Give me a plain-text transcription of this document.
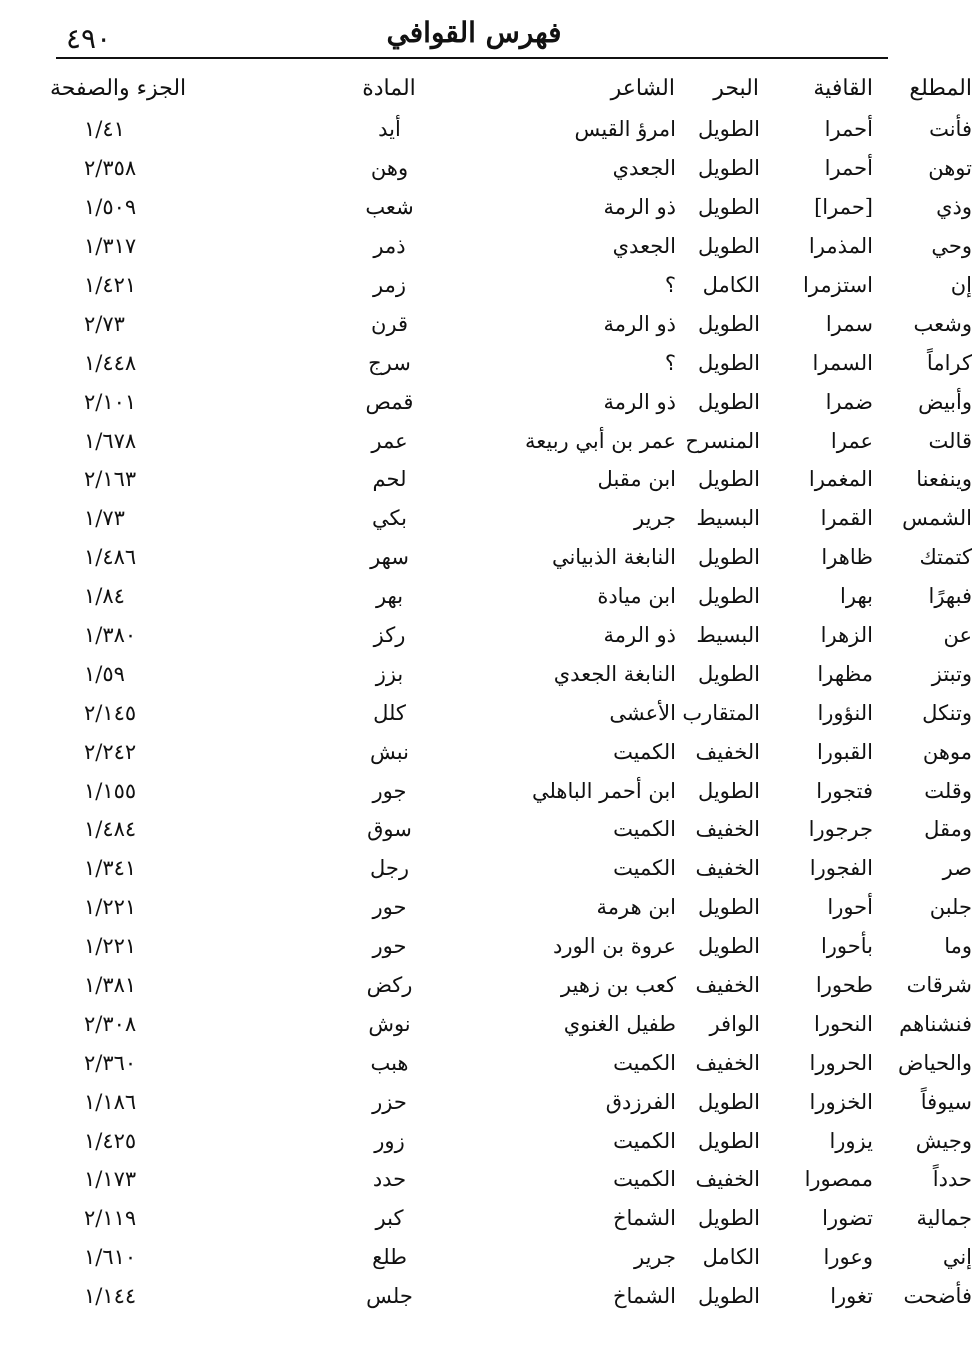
فهرس القوافي
٤٩٠
المطلع	القافية	البحر	الشاعر	المادة	الجزء والصفحة
فأنت	أحمرا	الطويل	امرؤ القيس	أيد	١/٤١
توهن	أحمرا	الطويل	الجعدي	وهن	٢/٣٥٨
وذي	[حمرا]	الطويل	ذو الرمة	شعب	١/٥٠٩
وحي	المذمرا	الطويل	الجعدي	ذمر	١/٣١٧
إن	استزمرا	الكامل	؟	زمر	١/٤٢١
وشعب	سمرا	الطويل	ذو الرمة	قرن	٢/٧٣
كراماً	السمرا	الطويل	؟	سرج	١/٤٤٨
وأبيض	ضمرا	الطويل	ذو الرمة	قمص	٢/١٠١
قالت	عمرا	المنسرح	عمر بن أبي ربيعة	عمر	١/٦٧٨
وينفعنا	المغمرا	الطويل	ابن مقبل	لحم	٢/١٦٣
الشمس	القمرا	البسيط	جرير	بكي	١/٧٣
كتمتك	ظاهرا	الطويل	النابغة الذبياني	سهر	١/٤٨٦
فبهرًا	بهرا	الطويل	ابن ميادة	بهر	١/٨٤
عن	الزهرا	البسيط	ذو الرمة	ركز	١/٣٨٠
وتبتز	مظهرا	الطويل	النابغة الجعدي	بزز	١/٥٩
وتنكل	النؤورا	المتقارب	الأعشى	كلل	٢/١٤٥
موهن	القبورا	الخفيف	الكميت	نبش	٢/٢٤٢
وقلت	فتجورا	الطويل	ابن أحمر الباهلي	جور	١/١٥٥
ومقل	جرجورا	الخفيف	الكميت	سوق	١/٤٨٤
صر	الفجورا	الخفيف	الكميت	رجل	١/٣٤١
جلبن	أحورا	الطويل	ابن هرمة	حور	١/٢٢١
وما	بأحورا	الطويل	عروة بن الورد	حور	١/٢٢١
شرقات	طحورا	الخفيف	كعب بن زهير	ركض	١/٣٨١
فنشناهم	النحورا	الوافر	طفيل الغنوي	نوش	٢/٣٠٨
والحياض	الحرورا	الخفيف	الكميت	هبب	٢/٣٦٠
سيوفاً	الخزورا	الطويل	الفرزدق	حزر	١/١٨٦
وجيش	يزورا	الطويل	الكميت	زور	١/٤٢٥
حدداً	ممصورا	الخفيف	الكميت	حدد	١/١٧٣
جمالية	تضورا	الطويل	الشماخ	كبر	٢/١١٩
إني	وعورا	الكامل	جرير	طلع	١/٦١٠
فأضحت	تغورا	الطويل	الشماخ	جلس	١/١٤٤
